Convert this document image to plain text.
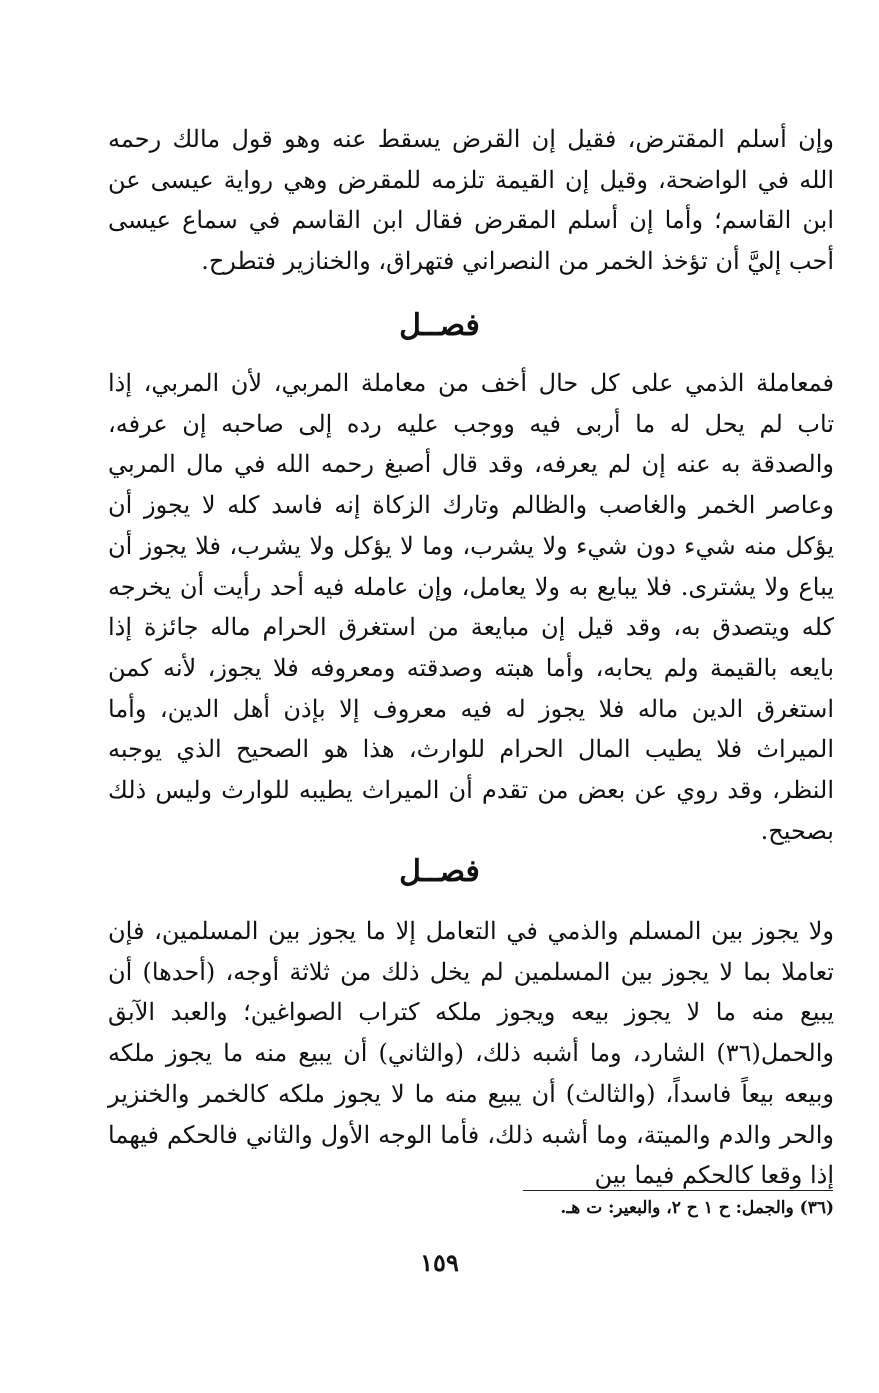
وإن أسلم المقترض، فقيل إن القرض يسقط عنه وهو قول مالك رحمه الله في الواضحة، وقيل إن القيمة تلزمه للمقرض وهي رواية عيسى عن ابن القاسم؛ وأما إن أسلم المقرض فقال ابن القاسم في سماع عيسى أحب إليَّ أن تؤخذ الخمر من النصراني فتهراق، والخنازير فتطرح.

فصــل

فمعاملة الذمي على كل حال أخف من معاملة المربي، لأن المربي، إذا تاب لم يحل له ما أربى فيه ووجب عليه رده إلى صاحبه إن عرفه، والصدقة به عنه إن لم يعرفه، وقد قال أصبغ رحمه الله في مال المربي وعاصر الخمر والغاصب والظالم وتارك الزكاة إنه فاسد كله لا يجوز أن يؤكل منه شيء دون شيء ولا يشرب، وما لا يؤكل ولا يشرب، فلا يجوز أن يباع ولا يشترى. فلا يبايع به ولا يعامل، وإن عامله فيه أحد رأيت أن يخرجه كله ويتصدق به، وقد قيل إن مبايعة من استغرق الحرام ماله جائزة إذا بايعه بالقيمة ولم يحابه، وأما هبته وصدقته ومعروفه فلا يجوز، لأنه كمن استغرق الدين ماله فلا يجوز له فيه معروف إلا بإذن أهل الدين، وأما الميراث فلا يطيب المال الحرام للوارث، هذا هو الصحيح الذي يوجبه النظر، وقد روي عن بعض من تقدم أن الميراث يطيبه للوارث وليس ذلك بصحيح.

فصــل

ولا يجوز بين المسلم والذمي في التعامل إلا ما يجوز بين المسلمين، فإن تعاملا بما لا يجوز بين المسلمين لم يخل ذلك من ثلاثة أوجه، (أحدها) أن يبيع منه ما لا يجوز بيعه ويجوز ملكه كتراب الصواغين؛ والعبد الآبق والحمل(٣٦) الشارد، وما أشبه ذلك، (والثاني) أن يبيع منه ما يجوز ملكه وبيعه بيعاً فاسداً، (والثالث) أن يبيع منه ما لا يجوز ملكه كالخمر والخنزير والحر والدم والميتة، وما أشبه ذلك، فأما الوجه الأول والثاني فالحكم فيهما إذا وقعا كالحكم فيما بين

(٣٦) والجمل: ح ١ ح ٢، والبعير: ت هـ.

١٥٩
